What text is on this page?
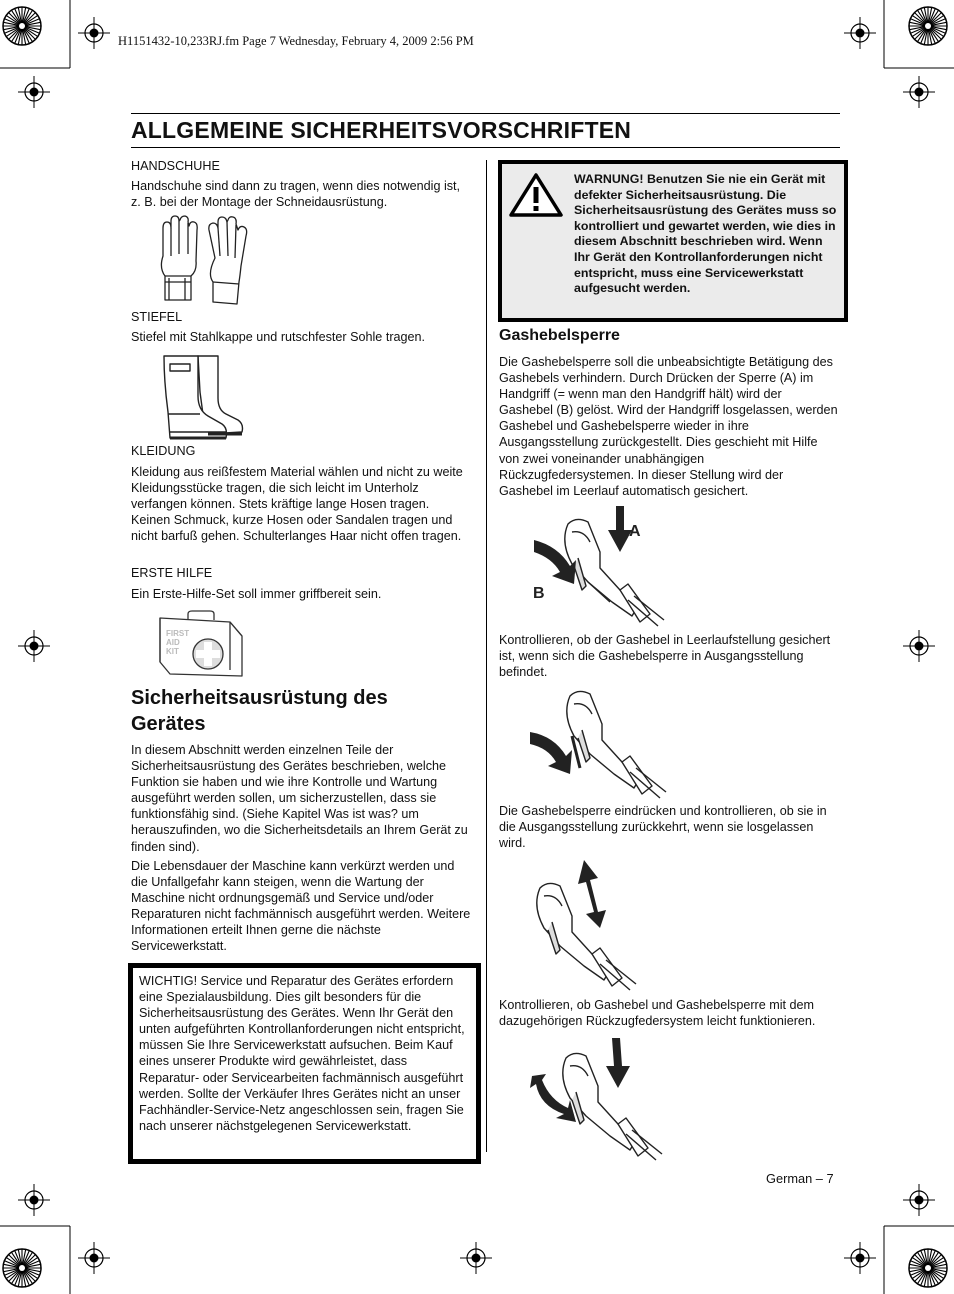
H1151432-10,233RJ.fm Page 7 Wednesday, February 4, 2009 2:56 PM
ALLGEMEINE SICHERHEITSVORSCHRIFTEN
HANDSCHUHE
Handschuhe sind dann zu tragen, wenn dies notwendig ist, z. B. bei der Montage der Schneidausrüstung.
STIEFEL
Stiefel mit Stahlkappe und rutschfester Sohle tragen.
KLEIDUNG
Kleidung aus reißfestem Material wählen und nicht zu weite Kleidungsstücke tragen, die sich leicht im Unterholz verfangen können. Stets kräftige lange Hosen tragen. Keinen Schmuck, kurze Hosen oder Sandalen tragen und nicht barfuß gehen. Schulterlanges Haar nicht offen tragen.
ERSTE HILFE
Ein Erste-Hilfe-Set soll immer griffbereit sein.
FIRST
AID
KIT
Sicherheitsausrüstung des Gerätes
In diesem Abschnitt werden einzelnen Teile der Sicherheitsausrüstung des Gerätes beschrieben, welche Funktion sie haben und wie ihre Kontrolle und Wartung ausgeführt werden sollen, um sicherzustellen, dass sie funktionsfähig sind. (Siehe Kapitel Was ist was? um herauszufinden, wo die Sicherheitsdetails an Ihrem Gerät zu finden sind).
Die Lebensdauer der Maschine kann verkürzt werden und die Unfallgefahr kann steigen, wenn die Wartung der Maschine nicht ordnungsgemäß und Service und/oder Reparaturen nicht fachmännisch ausgeführt werden. Weitere Informationen erteilt Ihnen gerne die nächste Servicewerkstatt.
WICHTIG! Service und Reparatur des Gerätes erfordern eine Spezialausbildung. Dies gilt besonders für die Sicherheitsausrüstung des Gerätes. Wenn Ihr Gerät den unten aufgeführten Kontrollanforderungen nicht entspricht, müssen Sie Ihre Servicewerkstatt aufsuchen. Beim Kauf eines unserer Produkte wird gewährleistet, dass Reparatur- oder Servicearbeiten fachmännisch ausgeführt werden. Sollte der Verkäufer Ihres Gerätes nicht an unser Fachhändler-Service-Netz angeschlossen sein, fragen Sie nach unserer nächstgelegenen Servicewerkstatt.
WARNUNG! Benutzen Sie nie ein Gerät mit defekter Sicherheitsausrüstung. Die Sicherheitsausrüstung des Gerätes muss so kontrolliert und gewartet werden, wie dies in diesem Abschnitt beschrieben wird. Wenn Ihr Gerät den Kontrollanforderungen nicht entspricht, muss eine Servicewerkstatt aufgesucht werden.
Gashebelsperre
Die Gashebelsperre soll die unbeabsichtigte Betätigung des Gashebels verhindern. Durch Drücken der Sperre (A) im Handgriff (= wenn man den Handgriff hält) wird der Gashebel (B) gelöst. Wird der Handgriff losgelassen, werden Gashebel und Gashebelsperre wieder in ihre Ausgangsstellung zurückgestellt. Dies geschieht mit Hilfe von zwei voneinander unabhängigen Rückzugfedersystemen. In dieser Stellung wird der Gashebel im Leerlauf automatisch gesichert.
A
B
Kontrollieren, ob der Gashebel in Leerlaufstellung gesichert ist, wenn sich die Gashebelsperre in Ausgangsstellung befindet.
Die Gashebelsperre eindrücken und kontrollieren, ob sie in die Ausgangsstellung zurückkehrt, wenn sie losgelassen wird.
Kontrollieren, ob Gashebel und Gashebelsperre mit dem dazugehörigen Rückzugfedersystem leicht funktionieren.
German – 7
